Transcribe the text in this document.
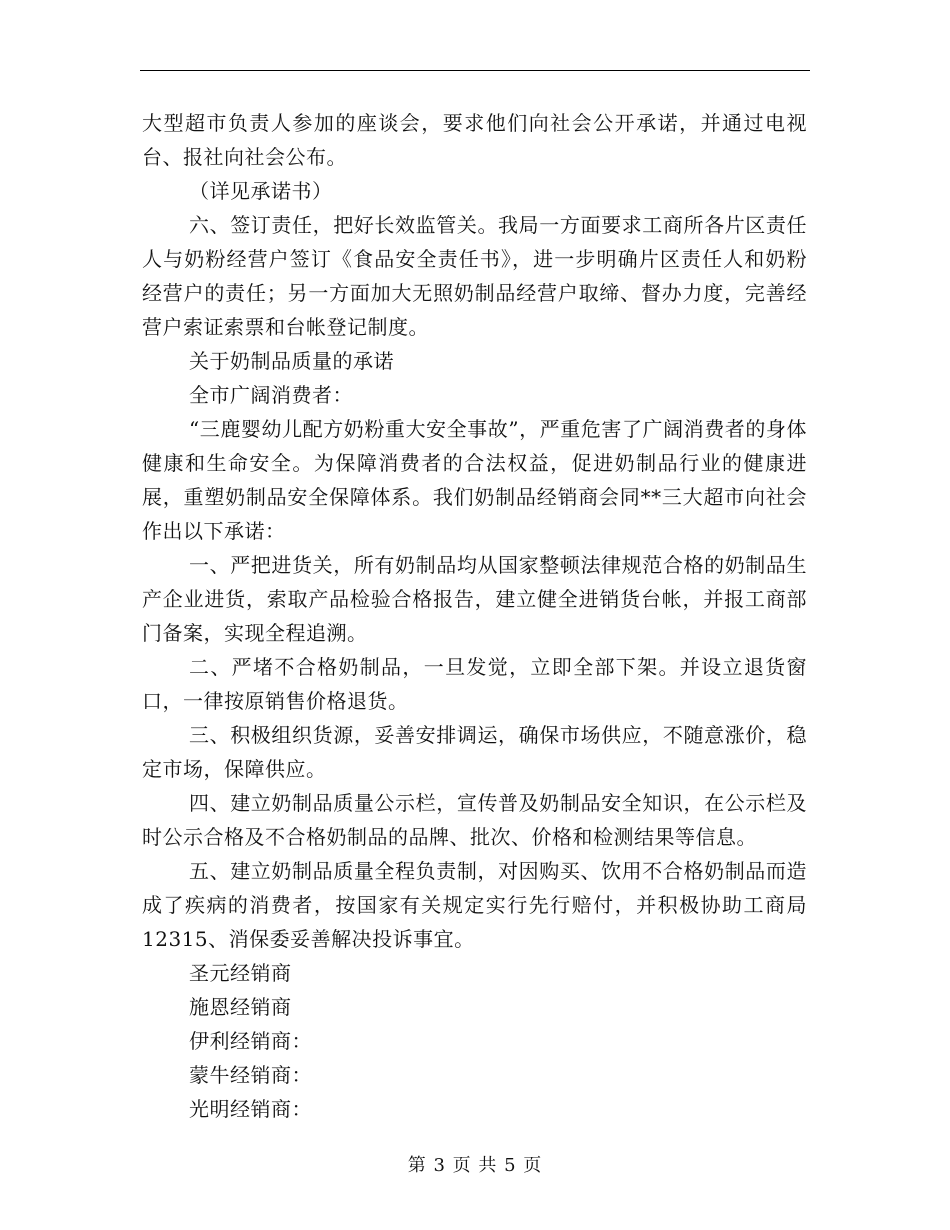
大型超市负责人参加的座谈会，要求他们向社会公开承诺，并通过电视台、报社向社会公布。

（详见承诺书）

六、签订责任，把好长效监管关。我局一方面要求工商所各片区责任人与奶粉经营户签订《食品安全责任书》，进一步明确片区责任人和奶粉经营户的责任；另一方面加大无照奶制品经营户取缔、督办力度，完善经营户索证索票和台帐登记制度。

关于奶制品质量的承诺

全市广阔消费者：

“三鹿婴幼儿配方奶粉重大安全事故”，严重危害了广阔消费者的身体健康和生命安全。为保障消费者的合法权益，促进奶制品行业的健康进展，重塑奶制品安全保障体系。我们奶制品经销商会同**三大超市向社会作出以下承诺：

一、严把进货关，所有奶制品均从国家整顿法律规范合格的奶制品生产企业进货，索取产品检验合格报告，建立健全进销货台帐，并报工商部门备案，实现全程追溯。

二、严堵不合格奶制品，一旦发觉，立即全部下架。并设立退货窗口，一律按原销售价格退货。

三、积极组织货源，妥善安排调运，确保市场供应，不随意涨价，稳定市场，保障供应。

四、建立奶制品质量公示栏，宣传普及奶制品安全知识，在公示栏及时公示合格及不合格奶制品的品牌、批次、价格和检测结果等信息。

五、建立奶制品质量全程负责制，对因购买、饮用不合格奶制品而造成了疾病的消费者，按国家有关规定实行先行赔付，并积极协助工商局12315、消保委妥善解决投诉事宜。

圣元经销商

施恩经销商

伊利经销商：

蒙牛经销商：

光明经销商：

第 3 页 共 5 页
